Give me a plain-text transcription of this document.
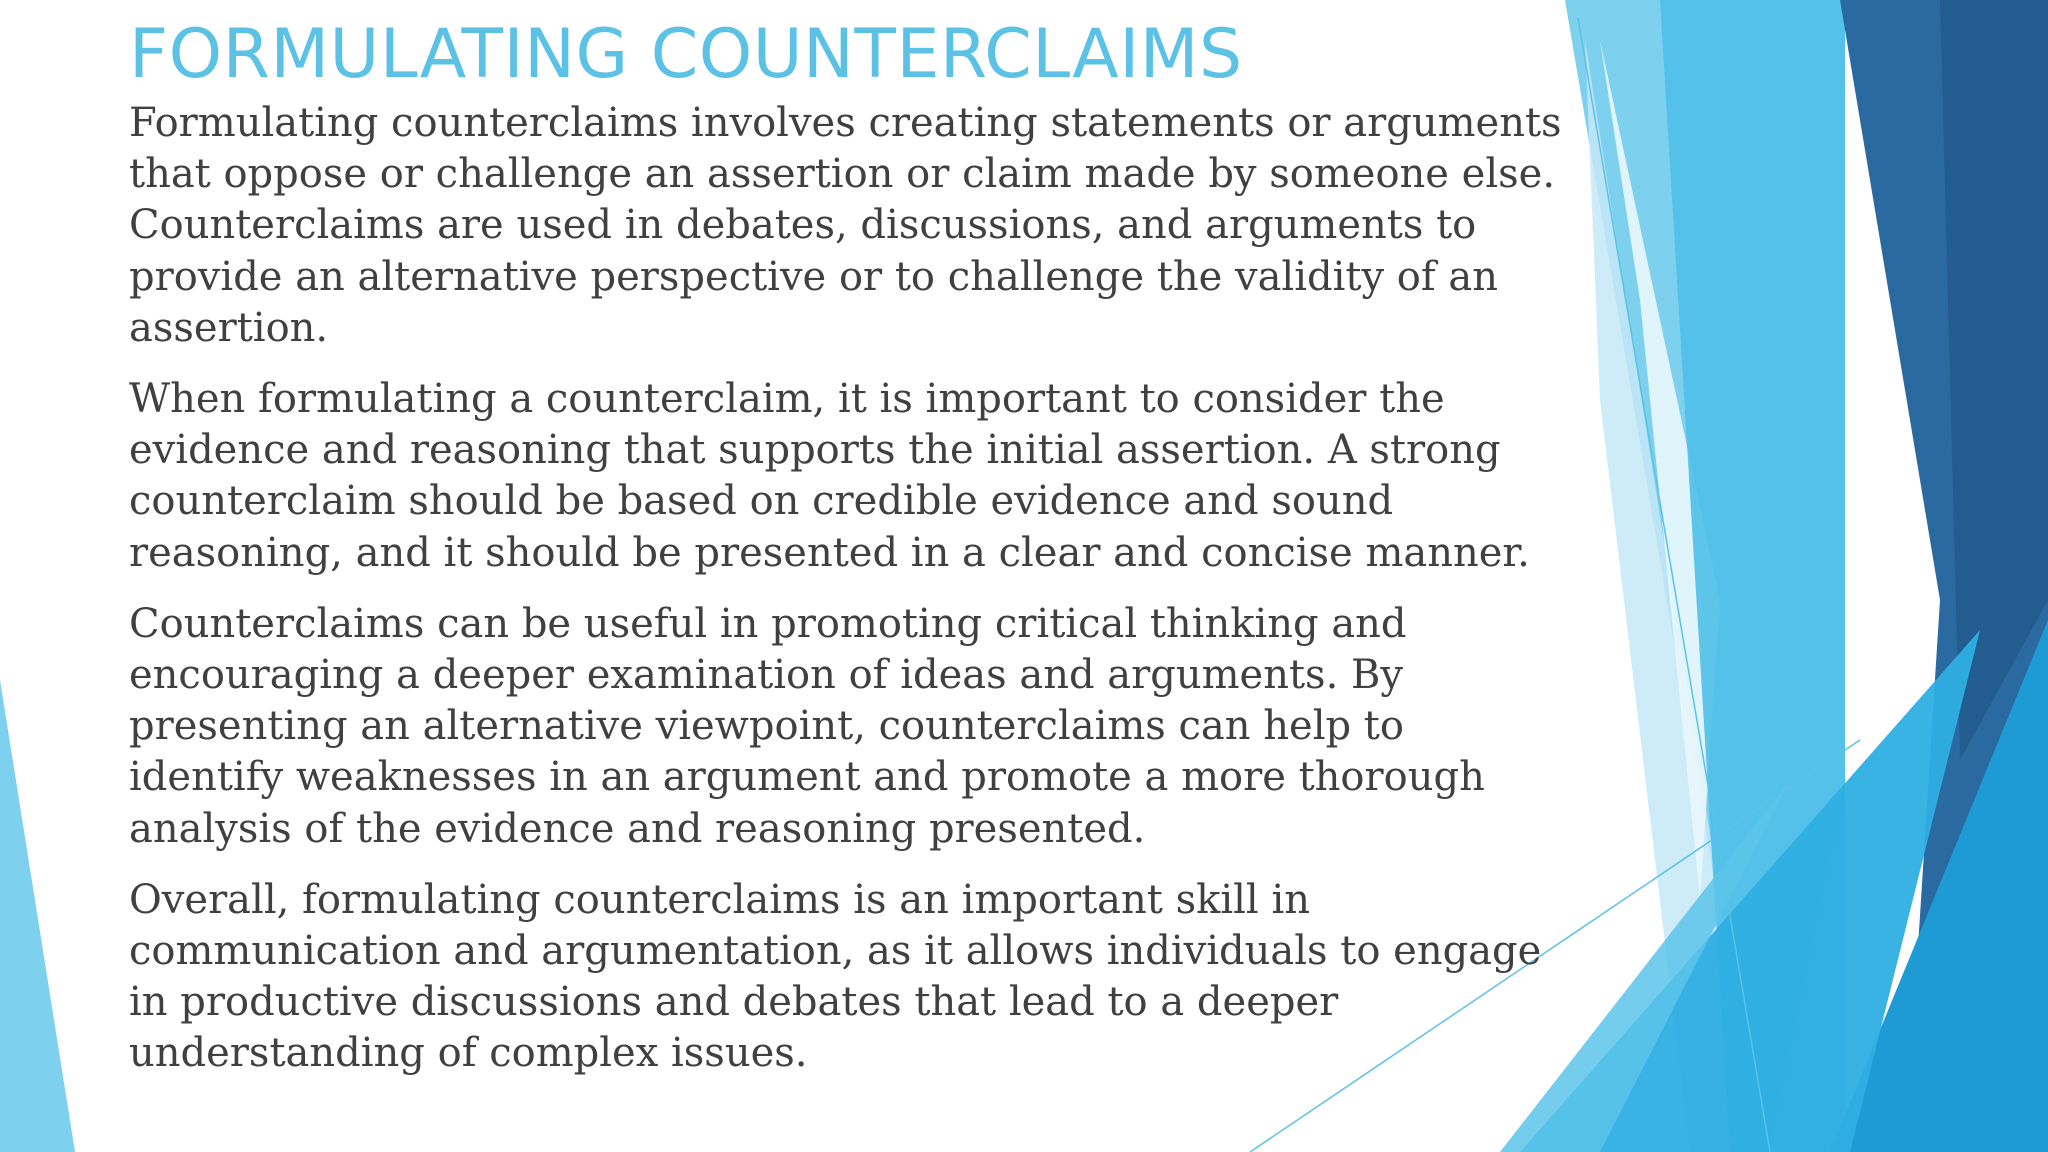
FORMULATING COUNTERCLAIMS

Formulating counterclaims involves creating statements or arguments that oppose or challenge an assertion or claim made by someone else. Counterclaims are used in debates, discussions, and arguments to provide an alternative perspective or to challenge the validity of an assertion.

When formulating a counterclaim, it is important to consider the evidence and reasoning that supports the initial assertion. A strong counterclaim should be based on credible evidence and sound reasoning, and it should be presented in a clear and concise manner.

Counterclaims can be useful in promoting critical thinking and encouraging a deeper examination of ideas and arguments. By presenting an alternative viewpoint, counterclaims can help to identify weaknesses in an argument and promote a more thorough analysis of the evidence and reasoning presented.

Overall, formulating counterclaims is an important skill in communication and argumentation, as it allows individuals to engage in productive discussions and debates that lead to a deeper understanding of complex issues.
